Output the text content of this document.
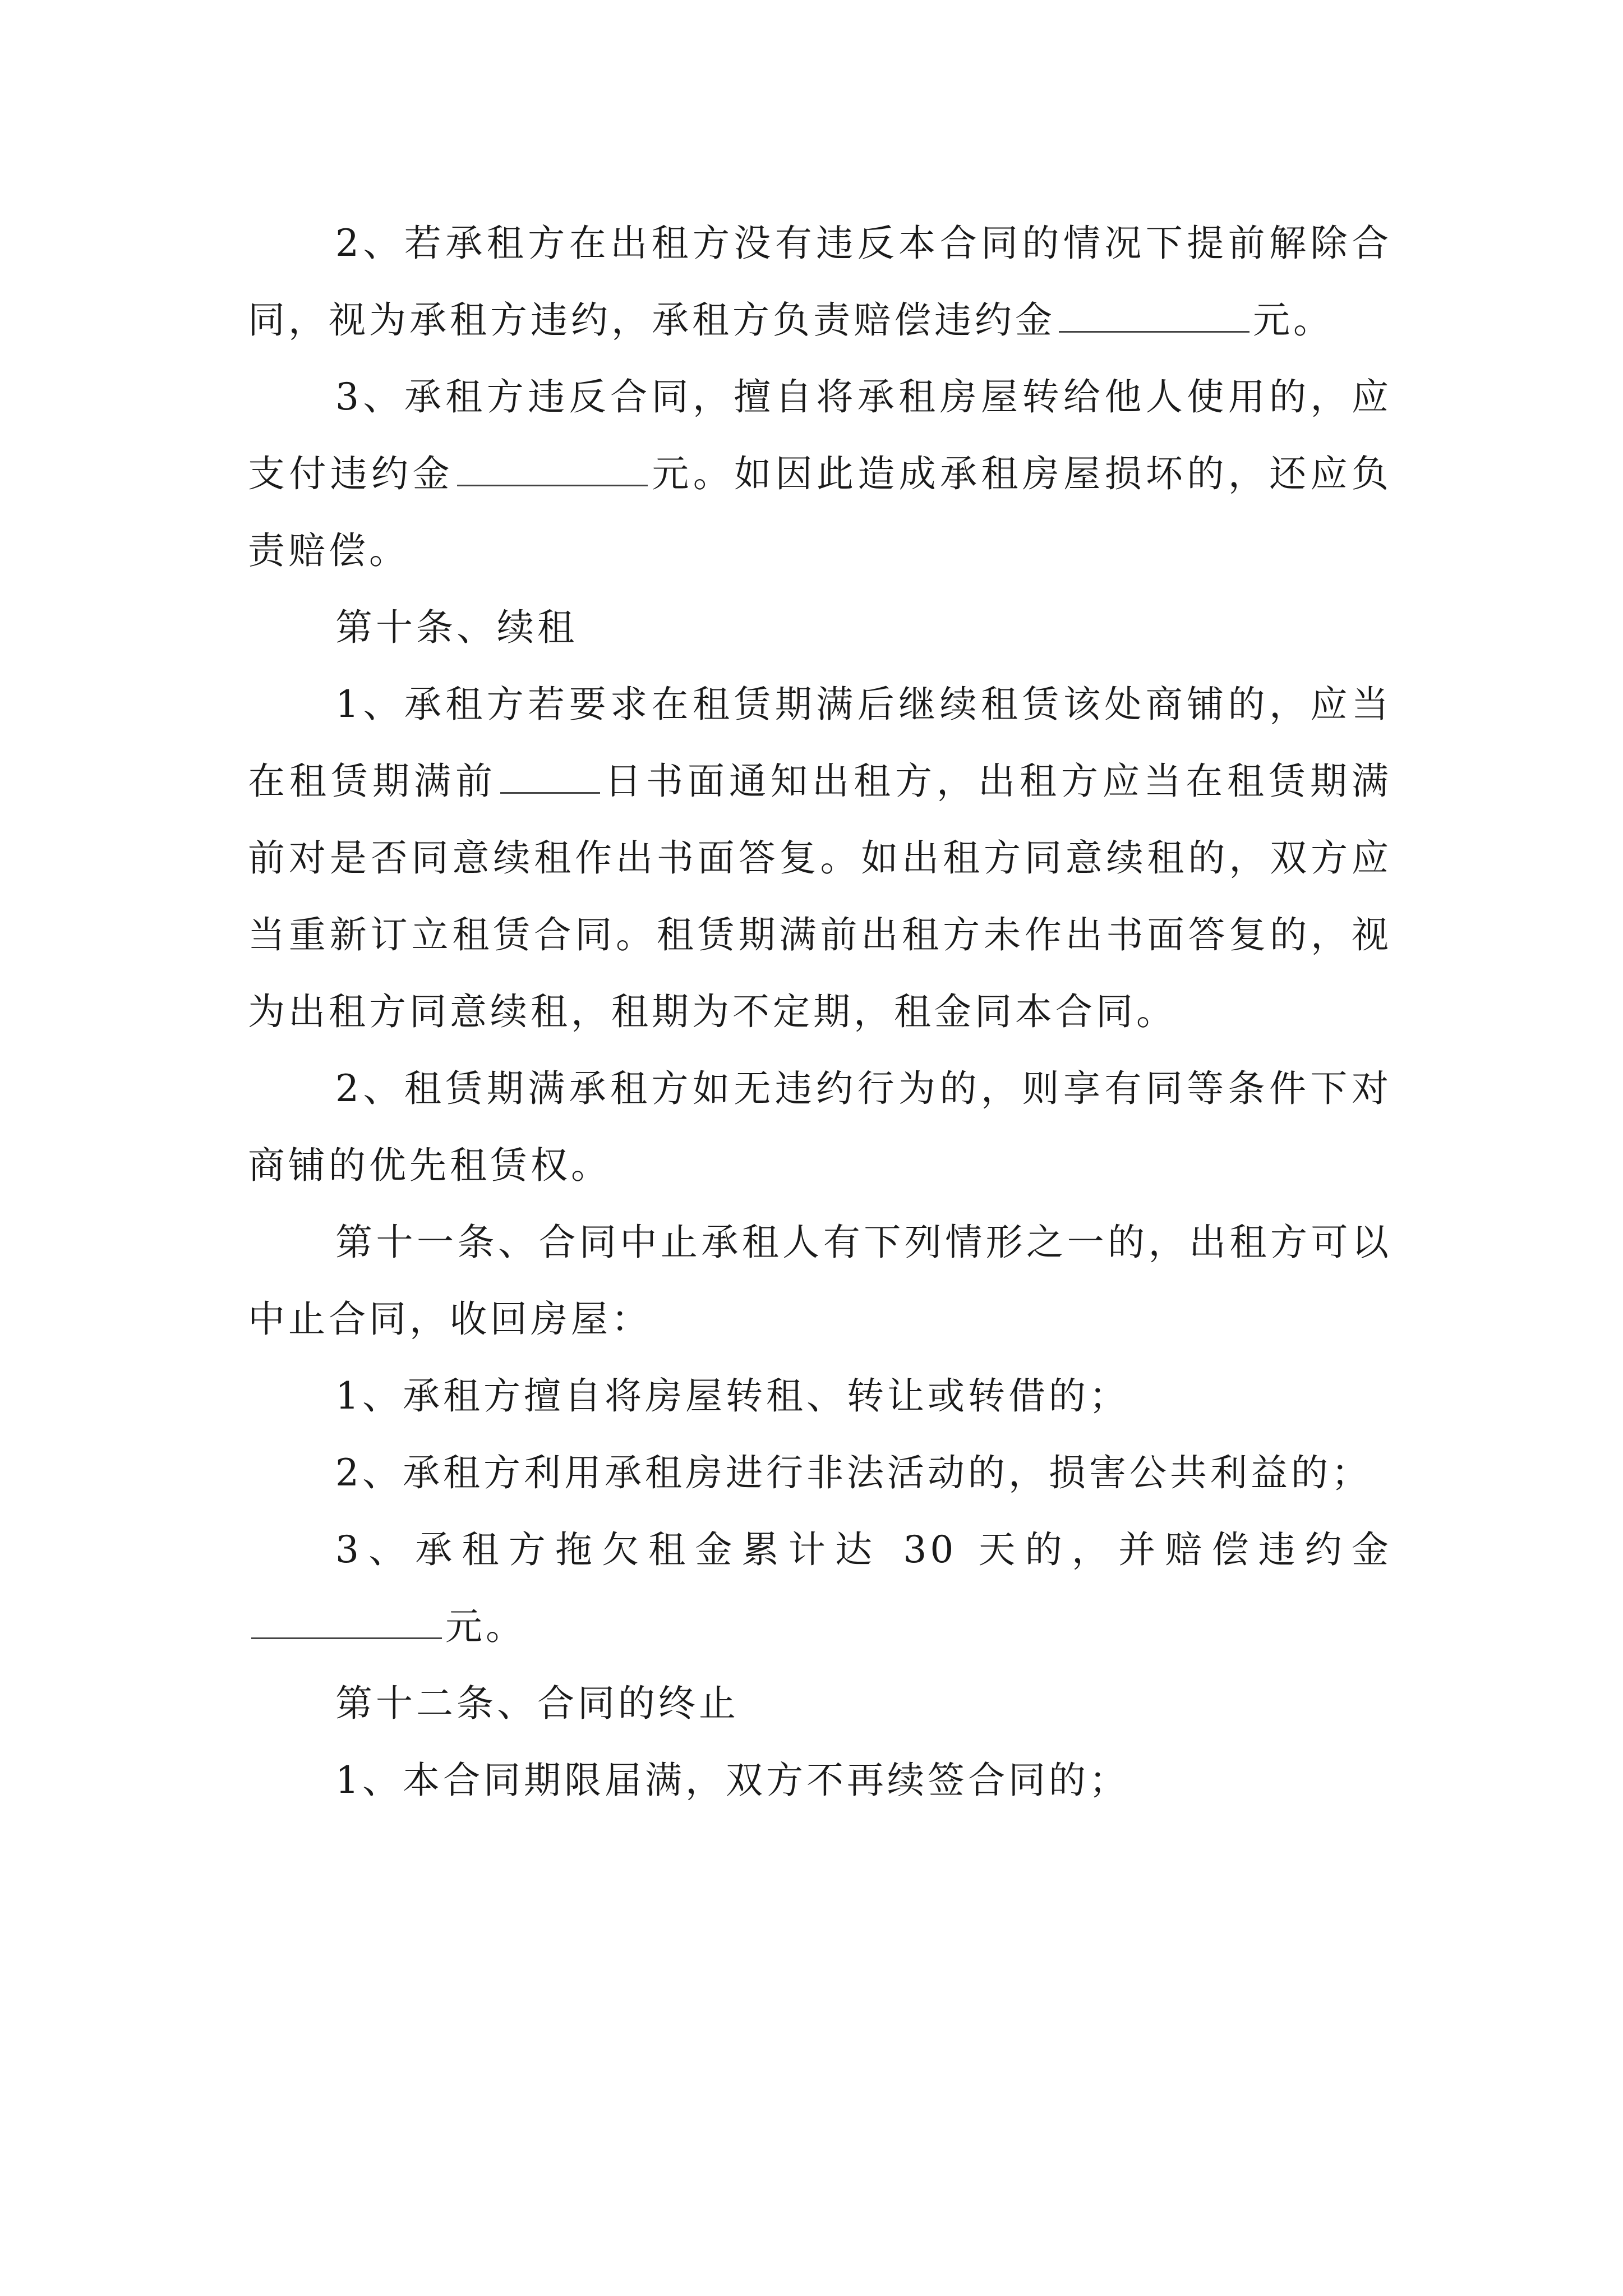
2、若承租方在出租方没有违反本合同的情况下提前解除合同，视为承租方违约，承租方负责赔偿违约金	元。

3、承租方违反合同，擅自将承租房屋转给他人使用的，应支付违约金	元。如因此造成承租房屋损坏的，还应负责赔偿。

第十条、续租

1、承租方若要求在租赁期满后继续租赁该处商铺的，应当在租赁期满前	日书面通知出租方，出租方应当在租赁期满前对是否同意续租作出书面答复。如出租方同意续租的，双方应当重新订立租赁合同。租赁期满前出租方未作出书面答复的，视为出租方同意续租，租期为不定期，租金同本合同。

2、租赁期满承租方如无违约行为的，则享有同等条件下对商铺的优先租赁权。

第十一条、合同中止承租人有下列情形之一的，出租方可以中止合同，收回房屋：

1、承租方擅自将房屋转租、转让或转借的；

2、承租方利用承租房进行非法活动的，损害公共利益的；

3、承租方拖欠租金累计达 30 天的，并赔偿违约金元。

第十二条、合同的终止

1、本合同期限届满，双方不再续签合同的；
